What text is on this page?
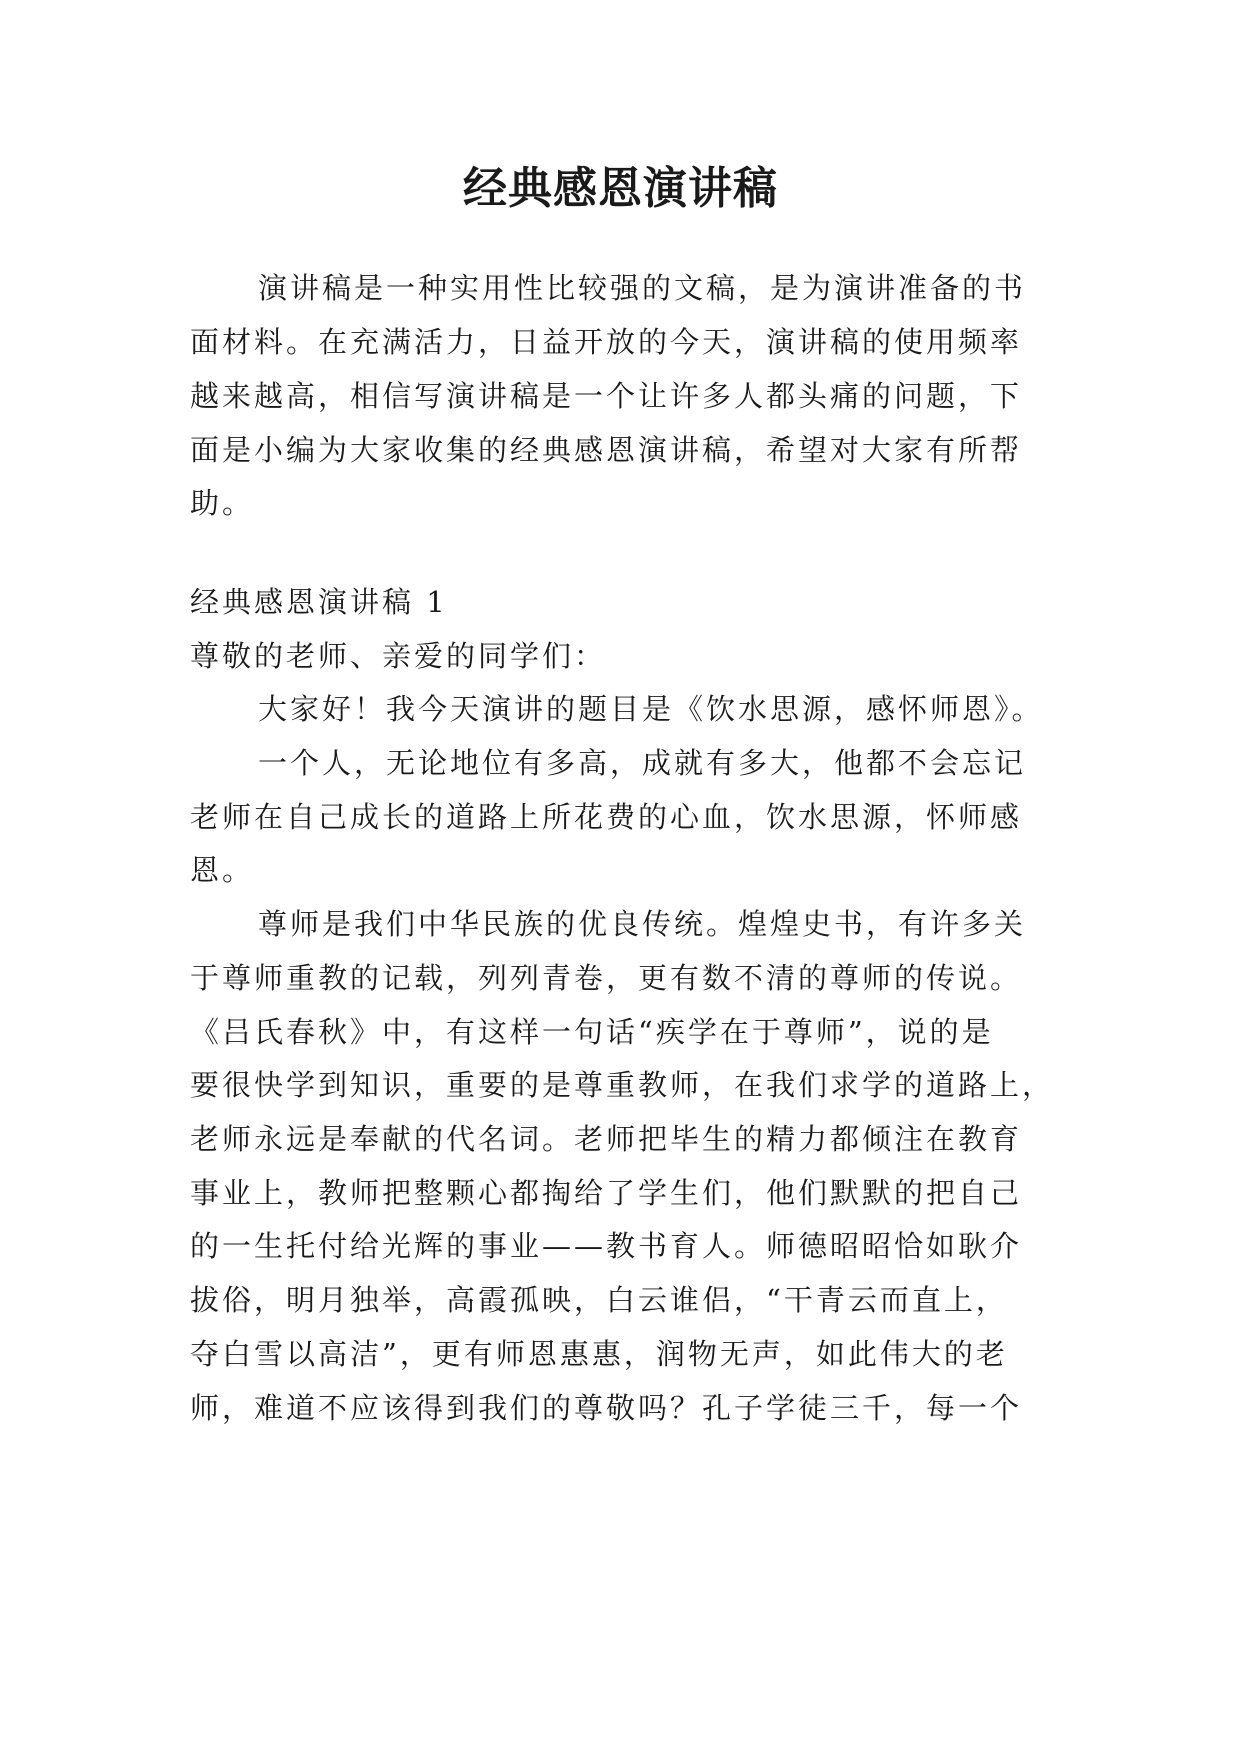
经典感恩演讲稿

演讲稿是一种实用性比较强的文稿，是为演讲准备的书

面材料。在充满活力，日益开放的今天，演讲稿的使用频率

越来越高，相信写演讲稿是一个让许多人都头痛的问题，下

面是小编为大家收集的经典感恩演讲稿，希望对大家有所帮

助。

经典感恩演讲稿 1

尊敬的老师、亲爱的同学们：

大家好！我今天演讲的题目是《饮水思源，感怀师恩》。

一个人，无论地位有多高，成就有多大，他都不会忘记

老师在自己成长的道路上所花费的心血，饮水思源，怀师感

恩。

尊师是我们中华民族的优良传统。煌煌史书，有许多关

于尊师重教的记载，列列青卷，更有数不清的尊师的传说。

《吕氏春秋》中，有这样一句话“疾学在于尊师”，说的是

要很快学到知识，重要的是尊重教师，在我们求学的道路上，

老师永远是奉献的代名词。老师把毕生的精力都倾注在教育

事业上，教师把整颗心都掏给了学生们，他们默默的把自己

的一生托付给光辉的事业——教书育人。师德昭昭恰如耿介

拔俗，明月独举，高霞孤映，白云谁侣，“干青云而直上，

夺白雪以高洁”，更有师恩惠惠，润物无声，如此伟大的老

师，难道不应该得到我们的尊敬吗？孔子学徒三千，每一个
